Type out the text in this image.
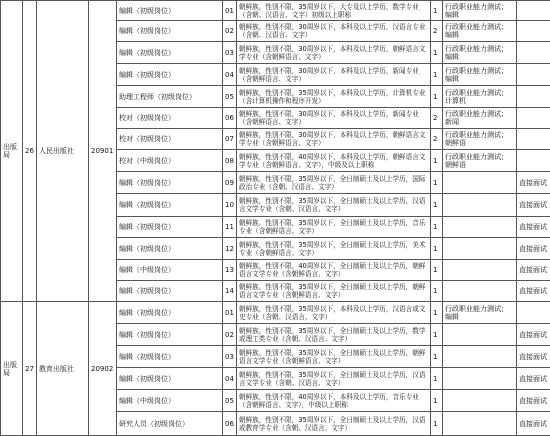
出版局	26	人民出版社	20901	编辑（初级岗位）	01	朝鲜族，性别不限，35周岁以下，大专及以上学历，数学专业（含朝、汉语言、文字）初级以上职称	1	行政职业能力测试；编辑	
				编辑（初级岗位）	02	朝鲜族，性别不限，30周岁以下，本科及以上学历，汉语言专业（含朝、汉语言、文字）	2	行政职业能力测试；编辑	
				编辑（初级岗位）	03	朝鲜族，性别不限，30周岁以下，本科及以上学历，朝鲜语言文学专业（含朝鲜语言、文字）	1	行政职业能力测试；编辑	
				编辑（初级岗位）	04	朝鲜族，性别不限，30周岁以下，本科及以上学历，新闻专业（含朝鲜语言、文字）	1	行政职业能力测试；编辑	
				助理工程师（初级岗位）	05	朝鲜族，性别不限，35周岁以下，本科及以上学历，计算机专业（含计算机操作和程序开发）	1	行政职业能力测试；计算机	
				校对（初级岗位）	06	朝鲜族，性别不限，30周岁以下，本科及以上学历，新闻专业（含朝鲜语言、文字）	2	行政职业能力测试；新闻	
				校对（初级岗位）	07	朝鲜族，性别不限，30周岁以下，本科及以上学历，朝鲜语言文学专业（含朝鲜语言、文字）	2	行政职业能力测试；朝鲜语	
				校对（中级岗位）	08	朝鲜族，性别不限，40周岁以下，本科及以上学历，朝鲜语言文学专业（含朝鲜语言、文字），中级及以上职称	1	行政职业能力测试；朝鲜语	
				编辑（初级岗位）	09	朝鲜族，性别不限，35周岁以下，全日制硕士及以上学历，国际政治专业（含朝、汉语言、文字）	1		直接面试
				编辑（初级岗位）	10	朝鲜族，性别不限，35周岁以下，全日制硕士及以上学历，汉语言文学专业（含朝、汉语言、文字）	1		直接面试
				编辑（初级岗位）	11	朝鲜族，性别不限，35周岁以下，全日制硕士及以上学历，音乐专业（含朝鲜语言、文字）	1		直接面试
				编辑（初级岗位）	12	朝鲜族，性别不限，35周岁以下，全日制硕士及以上学历，美术专业（含朝鲜语言、文字）	1		直接面试
				编辑（中级岗位）	13	朝鲜族，性别不限，40周岁以下，全日制硕士及以上学历，朝鲜语言文学专业（含朝鲜语言、文字）	1		直接面试
				编辑（初级岗位）	14	朝鲜族，性别不限，35周岁以下，全日制硕士及以上学历，朝鲜语言文学专业（含朝鲜语言、文字）	1		直接面试
出版局	27	教育出版社	20902	编辑（初级岗位）	01	朝鲜族，性别不限，35周岁以下，本科及以上学历，汉语言或文史专业（含朝、汉语言、文字）	1	行政职业能力测试；编辑	
				编辑（初级岗位）	02	朝鲜族，性别不限，35周岁以下，全日制硕士及以上学历，数学或理工类专业（含朝、汉语言、文字）	1		直接面试
				编辑（初级岗位）	03	朝鲜族，性别不限，35周岁以下，全日制硕士及以上学历，朝鲜语言文学专业（含朝鲜语言、文字）	1		直接面试
				编辑（初级岗位）	04	朝鲜族，性别不限，35周岁以下，全日制硕士及以上学历，汉语言文学专业（含朝、汉语言、文字）	1		直接面试
				编辑（中级岗位）	05	朝鲜族，性别不限，40周岁以下，本科及以上学历，音乐专业（含朝鲜语言、文字），中级以上职称	1		直接面试
				研究人员（初级岗位）	06	朝鲜族，性别不限，35周岁以下，全日制硕士及以上学历，汉语或教育学专业（含朝、汉语言、文字）	1		直接面试
